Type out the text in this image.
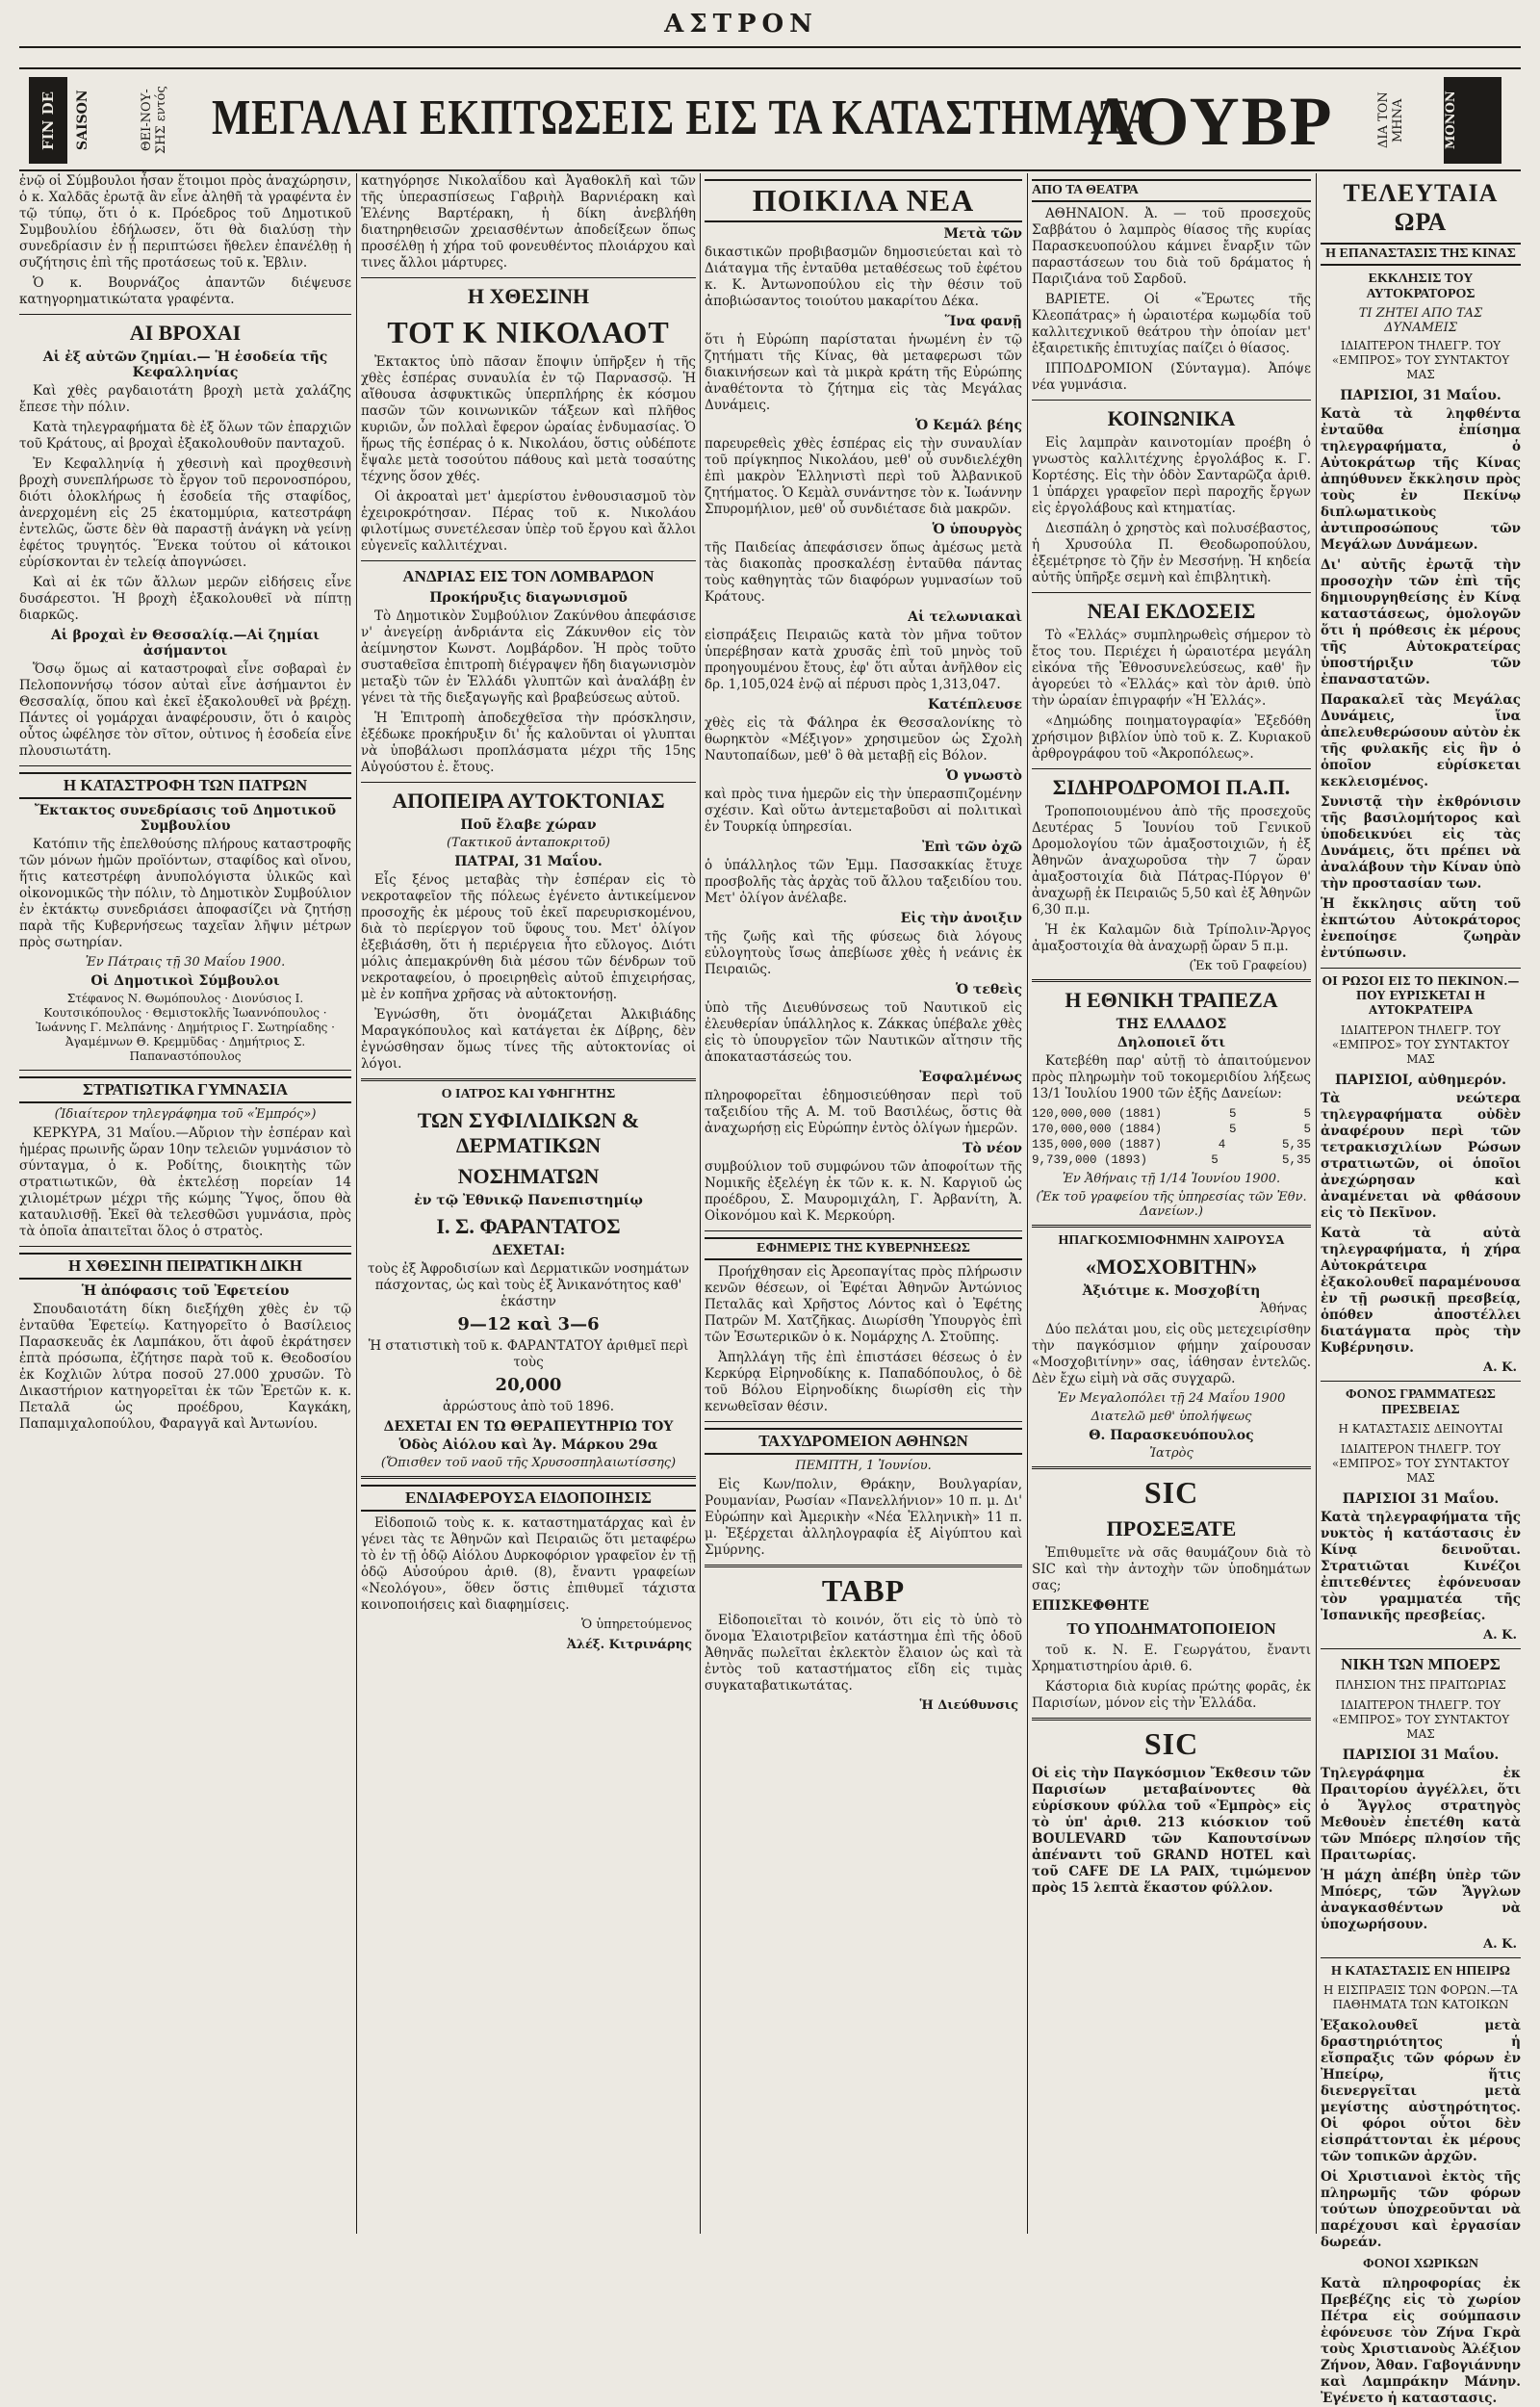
ΑΣΤΡΟΝ
FIN DE	SAISON	ΘΕΙ-ΝΟΥ-ΣΗΣ εντός ΜΕΓΑΛΑΙ ΕΚΠΤΩΣΕΙΣ ΕΙΣ ΤΑ ΚΑΤΑΣΤΗΜΑΤΑ
ΛΟΥΒΡ	ΔΙΑ ΤΟΝ ΜΗΝΑ	ΜΟΝΟΝ

ἐνῷ οἱ Σύμβουλοι ἦσαν ἕτοιμοι πρὸς ἀναχώρησιν, ὁ κ. Χαλδᾶς ἐρωτᾷ ἂν εἶνε ἀληθῆ τὰ γραφέντα ἐν τῷ τύπῳ, ὅτι ὁ κ. Πρόεδρος τοῦ Δημοτικοῦ Συμβουλίου ἐδήλωσεν, ὅτι θὰ διαλύσῃ τὴν συνεδρίασιν ἐν ᾗ περιπτώσει ἤθελεν ἐπανέλθῃ ἡ συζήτησις ἐπὶ τῆς προτάσεως τοῦ κ. Ἐβλιν.

Ὁ κ. Βουρνάζος ἀπαντῶν διέψευσε κατηγορηματικώτατα γραφέντα.

ΑΙ ΒΡΟΧΑΙ
Αἱ ἐξ αὐτῶν ζημίαι.— Ἡ ἑσοδεία τῆς Κεφαλληνίας

Καὶ χθὲς ραγδαιοτάτη βροχὴ μετὰ χαλάζης ἔπεσε τὴν πόλιν.

Κατὰ τηλεγραφήματα δὲ ἐξ ὅλων τῶν ἐπαρχιῶν τοῦ Κράτους, αἱ βροχαὶ ἐξακολουθοῦν πανταχοῦ.

Ἐν Κεφαλληνίᾳ ἡ χθεσινὴ καὶ προχθεσινὴ βροχὴ συνεπλήρωσε τὸ ἔργον τοῦ περονοσπόρου, διότι ὁλοκλήρως ἡ ἑσοδεία τῆς σταφίδος, ἀνερχομένη εἰς 25 ἑκατομμύρια, κατεστράφη ἐντελῶς, ὥστε δὲν θὰ παραστῇ ἀνάγκη νὰ γείνῃ ἐφέτος τρυγητός. Ἕνεκα τούτου οἱ κάτοικοι εὑρίσκονται ἐν τελείᾳ ἀπογνώσει.

Καὶ αἱ ἐκ τῶν ἄλλων μερῶν εἰδήσεις εἶνε δυσάρεστοι. Ἡ βροχὴ ἐξακολουθεῖ νὰ πίπτῃ διαρκῶς.

Αἱ βροχαὶ ἐν Θεσσαλίᾳ.—Αἱ ζημίαι ἀσήμαντοι

Ὅσῳ ὅμως αἱ καταστροφαὶ εἶνε σοβαραὶ ἐν Πελοποννήσῳ τόσον αὐταὶ εἶνε ἀσήμαντοι ἐν Θεσσαλίᾳ, ὅπου καὶ ἐκεῖ ἐξακολουθεῖ νὰ βρέχῃ. Πάντες οἱ γομάρχαι ἀναφέρουσιν, ὅτι ὁ καιρὸς οὗτος ὠφέλησε τὸν σῖτον, οὐτινος ἡ ἑσοδεία εἶνε πλουσιωτάτη.

Η ΚΑΤΑΣΤΡΟΦΗ ΤΩΝ ΠΑΤΡΩΝ
Ἔκτακτος συνεδρίασις τοῦ Δημοτικοῦ Συμβουλίου

Κατόπιν τῆς ἐπελθούσης πλήρους καταστροφῆς τῶν μόνων ἡμῶν προϊόντων, σταφίδος καὶ οἴνου, ἥτις κατεστρέφη ἀνυπολόγιστα ὑλικῶς καὶ οἰκονομικῶς τὴν πόλιν, τὸ Δημοτικὸν Συμβούλιον ἐν ἐκτάκτῳ συνεδριάσει ἀποφασίζει νὰ ζητήσῃ παρὰ τῆς Κυβερνήσεως ταχεῖαν λῆψιν μέτρων πρὸς σωτηρίαν.

Ἐν Πάτραις τῇ 30 Μαΐου 1900.
Οἱ Δημοτικοὶ Σύμβουλοι
Στέφανος Ν. Θωμόπουλος · Διονύσιος Ι. Κουτσικόπουλος · Θεμιστοκλῆς Ἰωαννόπουλος · Ἰωάννης Γ. Μελπάνης · Δημήτριος Γ. Σωτηρίαδης · Ἀγαμέμνων Θ. Κρεμμῦδας · Δημήτριος Σ. Παπαναστόπουλος
ΣΤΡΑΤΙΩΤΙΚΑ ΓΥΜΝΑΣΙΑ
(Ἰδιαίτερον τηλεγράφημα τοῦ «Ἐμπρός»)

ΚΕΡΚΥΡΑ, 31 Μαΐου.—Αὔριον τὴν ἑσπέραν καὶ ἡμέρας πρωινῆς ὥραν 10ην τελειῶν γυμνάσιον τὸ σύνταγμα, ὁ κ. Ροδίτης, διοικητὴς τῶν στρατιωτικῶν, θὰ ἐκτελέσῃ πορείαν 14 χιλιομέτρων μέχρι τῆς κώμης Ὕψος, ὅπου θὰ καταυλισθῇ. Ἐκεῖ θὰ τελεσθῶσι γυμνάσια, πρὸς τὰ ὁποῖα ἀπαιτεῖται ὅλος ὁ στρατὸς.

Η ΧΘΕΣΙΝΗ ΠΕΙΡΑΤΙΚΗ ΔΙΚΗ
Ἡ ἀπόφασις τοῦ Ἐφετείου

Σπουδαιοτάτη δίκη διεξήχθη χθὲς ἐν τῷ ἐνταῦθα Ἐφετείῳ. Κατηγορεῖτο ὁ Βασίλειος Παρασκευᾶς ἐκ Λαμπάκου, ὅτι ἀφοῦ ἐκράτησεν ἑπτὰ πρόσωπα, ἐζήτησε παρὰ τοῦ κ. Θεοδοσίου ἐκ Κοχλιῶν λύτρα ποσοῦ 27.000 χρυσῶν. Τὸ Δικαστήριον κατηγορεῖται ἐκ τῶν Ἐρετῶν κ. κ. Πεταλᾶ ὡς προέδρου, Καγκάκη, Παπαμιχαλοπούλου, Φαραγγᾶ καὶ Ἀντωνίου.

κατηγόρησε Νικολαΐδου καὶ Ἀγαθοκλῆ καὶ τῶν τῆς ὑπερασπίσεως Γαβριὴλ Βαρνιέρακη καὶ Ἑλένης Βαρτέρακη, ἡ δίκη ἀνεβλήθη διατηρηθεισῶν χρειασθέντων ἀποδείξεων ὅπως προσέλθῃ ἡ χήρα τοῦ φονευθέντος πλοιάρχου καὶ τινες ἄλλοι μάρτυρες.

Η ΧΘΕΣΙΝΗ
ΤΟΤ Κ ΝΙΚΟΛΑΟΤ

Ἐκτακτος ὑπὸ πᾶσαν ἔποψιν ὑπῆρξεν ἡ τῆς χθὲς ἑσπέρας συναυλία ἐν τῷ Παρνασσῷ. Ἡ αἴθουσα ἀσφυκτικῶς ὑπερπλήρης ἐκ κόσμου πασῶν τῶν κοινωνικῶν τάξεων καὶ πλῆθος κυριῶν, ὧν πολλαὶ ἔφερον ὡραίας ἐνδυμασίας. Ὁ ἥρως τῆς ἑσπέρας ὁ κ. Νικολάου, ὅστις οὐδέποτε ἔψαλε μετὰ τοσούτου πάθους καὶ μετὰ τοσαύτης τέχνης ὅσον χθές.

Οἱ ἀκροαταὶ μετ' ἀμερίστου ἐνθουσιασμοῦ τὸν ἐχειροκρότησαν. Πέρας τοῦ κ. Νικολάου φιλοτίμως συνετέλεσαν ὑπὲρ τοῦ ἔργου καὶ ἄλλοι εὐγενεῖς καλλιτέχναι.

ΑΝΔΡΙΑΣ ΕΙΣ ΤΟΝ ΛΟΜΒΑΡΔΟΝ
Προκήρυξις διαγωνισμοῦ

Τὸ Δημοτικὸν Συμβούλιον Ζακύνθου ἀπεφάσισε ν' ἀνεγείρῃ ἀνδριάντα εἰς Ζάκυνθον εἰς τὸν ἀείμνηστον Κωνστ. Λομβάρδον. Ἡ πρὸς τοῦτο συσταθεῖσα ἐπιτροπὴ διέγραψεν ἤδη διαγωνισμὸν μεταξὺ τῶν ἐν Ἑλλάδι γλυπτῶν καὶ ἀναλάβῃ ἐν γένει τὰ τῆς διεξαγωγῆς καὶ βραβεύσεως αὐτοῦ.

Ἡ Ἐπιτροπὴ ἀποδεχθεῖσα τὴν πρόσκλησιν, ἐξέδωκε προκήρυξιν δι' ἧς καλοῦνται οἱ γλυπται νὰ ὑποβάλωσι προπλάσματα μέχρι τῆς 15ης Αὐγούστου ἐ. ἔτους.

ΑΠΟΠΕΙΡΑ ΑΥΤΟΚΤΟΝΙΑΣ
Ποῦ ἔλαβε χώραν
(Τακτικοῦ ἀνταποκριτοῦ)
ΠΑΤΡΑΙ, 31 Μαΐου.

Εἷς ξένος μεταβὰς τὴν ἑσπέραν εἰς τὸ νεκροταφεῖον τῆς πόλεως ἐγένετο ἀντικείμενον προσοχῆς ἐκ μέρους τοῦ ἐκεῖ παρευρισκομένου, διὰ τὸ περίεργον τοῦ ὕφους του. Μετ' ὀλίγον ἐξεβιάσθη, ὅτι ἡ περιέργεια ἦτο εὔλογος. Διότι μόλις ἀπεμακρύνθη διὰ μέσου τῶν δένδρων τοῦ νεκροταφείου, ὁ προειρηθεὶς αὐτοῦ ἐπιχειρήσας, μὲ ἐν κοπῆνα χρῆσας νὰ αὐτοκτονήσῃ.

Ἐγνώσθη, ὅτι ὀνομάζεται Ἀλκιβιάδης Μαραγκόπουλος καὶ κατάγεται ἐκ Δίβρης, δὲν ἐγνώσθησαν ὅμως τίνες τῆς αὐτοκτονίας οἱ λόγοι.

Ο ΙΑΤΡΟΣ ΚΑΙ ΥΦΗΓΗΤΗΣ
ΤΩΝ ΣΥΦΙΛΙΔΙΚΩΝ & ΔΕΡΜΑΤΙΚΩΝ
ΝΟΣΗΜΑΤΩΝ
ἐν τῷ Ἐθνικῷ Πανεπιστημίῳ
Ι. Σ. ΦΑΡΑΝΤΑΤΟΣ
ΔΕΧΕΤΑΙ:

τοὺς ἐξ Ἀφροδισίων καὶ Δερματικῶν νοσημάτων πάσχοντας, ὡς καὶ τοὺς ἐξ Ἀνικανότητος καθ' ἑκάστην

9—12 καὶ 3—6

Ἡ στατιστικὴ τοῦ κ. ΦΑΡΑΝΤΑΤΟΥ ἀριθμεῖ περὶ τοὺς

20,000

ἀρρώστους ἀπὸ τοῦ 1896.

ΔΕΧΕΤΑΙ ΕΝ ΤΩ ΘΕΡΑΠΕΥΤΗΡΙΩ ΤΟΥ
Ὁδὸς Αἰόλου καὶ Ἁγ. Μάρκου 29α
(Ὄπισθεν τοῦ ναοῦ τῆς Χρυσοσπηλαιωτίσσης)
ΕΝΔΙΑΦΕΡΟΥΣΑ ΕΙΔΟΠΟΙΗΣΙΣ

Εἰδοποιῶ τοὺς κ. κ. καταστηματάρχας καὶ ἐν γένει τὰς τε Ἀθηνῶν καὶ Πειραιῶς ὅτι μεταφέρω τὸ ἐν τῇ ὁδῷ Αἰόλου Δυρκοφόριον γραφεῖον ἐν τῇ ὁδῷ Αὐσούρου ἀριθ. (8), ἔναντι γραφείων «Νεολόγου», ὅθεν ὅστις ἐπιθυμεῖ τάχιστα κοινοποιήσεις καὶ διαφημίσεις.

Ὁ ὑπηρετούμενος
Ἀλέξ. Κιτρινάρης
ΠΟΙΚΙΛΑ ΝΕΑ
Μετὰ τῶν

δικαστικῶν προβιβασμῶν δημοσιεύεται καὶ τὸ Διάταγμα τῆς ἐνταῦθα μεταθέσεως τοῦ ἐφέτου κ. Κ. Ἀντωνοπούλου εἰς τὴν θέσιν τοῦ ἀποβιώσαντος τοιούτου μακαρίτου Δέκα.

Ἵνα φανῇ

ὅτι ἡ Εὐρώπη παρίσταται ἡνωμένη ἐν τῷ ζητήματι τῆς Κίνας, θὰ μεταφερωσι τῶν διακινήσεων καὶ τὰ μικρὰ κράτη τῆς Εὐρώπης ἀναθέτοντα τὸ ζήτημα εἰς τὰς Μεγάλας Δυνάμεις.

Ὁ Κεμάλ βέης

παρευρεθεὶς χθὲς ἑσπέρας εἰς τὴν συναυλίαν τοῦ πρίγκηπος Νικολάου, μεθ' οὗ συνδιελέχθη ἐπὶ μακρὸν Ἑλληνιστὶ περὶ τοῦ Ἀλβανικοῦ ζητήματος. Ὁ Κεμὰλ συνάντησε τὸν κ. Ἰωάννην Σπυρομήλιον, μεθ' οὗ συνδιέτασε διὰ μακρῶν.

Ὁ ὑπουργὸς

τῆς Παιδείας ἀπεφάσισεν ὅπως ἀμέσως μετὰ τὰς διακοπὰς προσκαλέσῃ ἐνταῦθα πάντας τοὺς καθηγητὰς τῶν διαφόρων γυμνασίων τοῦ Κράτους.

Αἱ τελωνιακαὶ

εἰσπράξεις Πειραιῶς κατὰ τὸν μῆνα τοῦτον ὑπερέβησαν κατὰ χρυσᾶς ἐπὶ τοῦ μηνὸς τοῦ προηγουμένου ἔτους, ἐφ' ὅτι αὗται ἀνῆλθον εἰς δρ. 1,105,024 ἐνῷ αἱ πέρυσι πρὸς 1,313,047.

Κατέπλευσε

χθὲς εἰς τὰ Φάληρα ἐκ Θεσσαλονίκης τὸ θωρηκτὸν «Μέξιγον» χρησιμεῦον ὡς Σχολὴ Ναυτοπαίδων, μεθ' ὃ θὰ μεταβῇ εἰς Βόλον.

Ὁ γνωστὸ

καὶ πρὸς τινα ἡμερῶν εἰς τὴν ὑπερασπιζομένην σχέσιν. Καὶ οὕτω ἀντεμεταβοῦσι αἱ πολιτικαὶ ἐν Τουρκίᾳ ὑπηρεσίαι.

Ἐπὶ τῶν ὀχῶ

ὁ ὑπάλληλος τῶν Ἐμμ. Πασσακκίας ἔτυχε προσβολῆς τὰς ἀρχὰς τοῦ ἄλλου ταξειδίου του. Μετ' ὀλίγον ἀνέλαβε.

Εἰς τὴν ἀνοιξιν

τῆς ζωῆς καὶ τῆς φύσεως διὰ λόγους εὐλογητοὺς ἴσως ἀπεβίωσε χθὲς ἡ νεάνις ἐκ Πειραιῶς.

Ὁ τεθεὶς

ὑπὸ τῆς Διευθύνσεως τοῦ Ναυτικοῦ εἰς ἐλευθερίαν ὑπάλληλος κ. Ζάκκας ὑπέβαλε χθὲς εἰς τὸ ὑπουργεῖον τῶν Ναυτικῶν αἴτησιν τῆς ἀποκαταστάσεώς του.

Ἐσφαλμένως

πληροφορεῖται ἐδημοσιεύθησαν περὶ τοῦ ταξειδίου τῆς Α. Μ. τοῦ Βασιλέως, ὅστις θὰ ἀναχωρήσῃ εἰς Εὐρώπην ἐντὸς ὀλίγων ἡμερῶν.

Τὸ νέον

συμβούλιον τοῦ συμφώνου τῶν ἀποφοίτων τῆς Νομικῆς ἐξελέγη ἐκ τῶν κ. κ. Ν. Καργιοῦ ὡς προέδρου, Σ. Μαυρομιχάλη, Γ. Ἀρβανίτη, Ἀ. Οἰκονόμου καὶ Κ. Μερκούρη.

ΕΦΗΜΕΡΙΣ ΤΗΣ ΚΥΒΕΡΝΗΣΕΩΣ

Προήχθησαν εἰς Ἀρεοπαγίτας πρὸς πλήρωσιν κενῶν θέσεων, οἱ Ἐφέται Ἀθηνῶν Ἀντώνιος Πεταλᾶς καὶ Χρῆστος Λόντος καὶ ὁ Ἐφέτης Πατρῶν Μ. Χατζῆκας. Διωρίσθη Ὑπουργὸς ἐπὶ τῶν Ἐσωτερικῶν ὁ κ. Νομάρχης Λ. Στοῦπης.

Ἀπηλλάγη τῆς ἐπὶ ἐπιστάσει θέσεως ὁ ἐν Κερκύρᾳ Εἰρηνοδίκης κ. Παπαδόπουλος, ὁ δὲ τοῦ Βόλου Εἰρηνοδίκης διωρίσθη εἰς τὴν κενωθεῖσαν θέσιν.

ΤΑΧΥΔΡΟΜΕΙΟΝ ΑΘΗΝΩΝ
ΠΕΜΠΤΗ, 1 Ἰουνίου.

Εἰς Κων/πολιν, Θράκην, Βουλγαρίαν, Ρουμανίαν, Ρωσίαν «Πανελλήνιον» 10 π. μ. Δι' Εὐρώπην καὶ Ἀμερικὴν «Νέα Ἑλληνικὴ» 11 π. μ. Ἐξέρχεται ἀλληλογραφία ἐξ Αἰγύπτου καὶ Σμύρνης.

ΤΑΒΡ

Εἰδοποιεῖται τὸ κοινόν, ὅτι εἰς τὸ ὑπὸ τὸ ὄνομα Ἐλαιοτριβεῖον κατάστημα ἐπὶ τῆς ὁδοῦ Ἀθηνᾶς πωλεῖται ἐκλεκτὸν ἔλαιον ὡς καὶ τὰ ἐντὸς τοῦ καταστήματος εἴδη εἰς τιμὰς συγκαταβατικωτάτας.

Ἡ Διεύθυνσις
ΑΠΟ ΤΑ ΘΕΑΤΡΑ

ΑΘΗΝΑΙΟΝ. Ἀ. — τοῦ προσεχοῦς Σαββάτου ὁ λαμπρὸς θίασος τῆς κυρίας Παρασκευοπούλου κάμνει ἔναρξιν τῶν παραστάσεων του διὰ τοῦ δράματος ἡ Παριζιάνα τοῦ Σαρδοῦ.

ΒΑΡΙΕΤΕ. Οἱ «Ἔρωτες τῆς Κλεοπάτρας» ἡ ὡραιοτέρα κωμῳδία τοῦ καλλιτεχνικοῦ θεάτρου τὴν ὁποίαν μετ' ἐξαιρετικῆς ἐπιτυχίας παίζει ὁ θίασος.

ΙΠΠΟΔΡΟΜΙΟΝ (Σύνταγμα). Ἀπόψε νέα γυμνάσια.

ΚΟΙΝΩΝΙΚΑ

Εἰς λαμπρὰν καινοτομίαν προέβη ὁ γνωστὸς καλλιτέχνης ἐργολάβος κ. Γ. Κορτέσης. Εἰς τὴν ὁδὸν Σανταρῶζα ἀριθ. 1 ὑπάρχει γραφεῖον περὶ παροχῆς ἔργων εἰς ἐργολάβους καὶ κτηματίας.

Διεσπάλη ὁ χρηστὸς καὶ πολυσέβαστος, ἡ Χρυσούλα Π. Θεοδωροπούλου, ἐξεμέτρησε τὸ ζῆν ἐν Μεσσήνῃ. Ἡ κηδεία αὐτῆς ὑπῆρξε σεμνὴ καὶ ἐπιβλητικὴ.

ΝΕΑΙ ΕΚΔΟΣΕΙΣ

Τὸ «Ἐλλάς» συμπληρωθεὶς σήμερον τὸ ἔτος του. Περιέχει ἡ ὡραιοτέρα μεγάλη εἰκόνα τῆς Ἐθνοσυνελεύσεως, καθ' ἣν ἀγορεύει τὸ «Ἐλλάς» καὶ τὸν ἀριθ. ὑπὸ τὴν ὡραίαν ἐπιγραφήν «Ἡ Ἑλλάς».

«Δημώδης ποιηματογραφία» Ἐξεδόθη χρήσιμον βιβλίον ὑπὸ τοῦ κ. Ζ. Κυριακοῦ ἀρθρογράφου τοῦ «Ἀκροπόλεως».

ΣΙΔΗΡΟΔΡΟΜΟΙ Π.Α.Π.

Τροποποιουμένου ἀπὸ τῆς προσεχοῦς Δευτέρας 5 Ἰουνίου τοῦ Γενικοῦ Δρομολογίου τῶν ἀμαξοστοιχιῶν, ἡ ἐξ Ἀθηνῶν ἀναχωροῦσα τὴν 7 ὥραν ἀμαξοστοιχία διὰ Πάτρας-Πύργον θ' ἀναχωρῇ ἐκ Πειραιῶς 5,50 καὶ ἐξ Ἀθηνῶν 6,30 π.μ.

Ἡ ἐκ Καλαμῶν διὰ Τρίπολιν-Ἄργος ἀμαξοστοιχία θὰ ἀναχωρῇ ὥραν 5 π.μ.

(Ἐκ τοῦ Γραφείου)
Η ΕΘΝΙΚΗ ΤΡΑΠΕΖΑ
ΤΗΣ ΕΛΛΑΔΟΣ
Δηλοποιεῖ ὅτι

Κατεβέθη παρ' αὐτῇ τὸ ἀπαιτούμενον πρὸς πληρωμὴν τοῦ τοκομεριδίου λήξεως 13/1 Ἰουλίου 1900 τῶν ἐξῆς Δανείων:

120,000,000 (1881)	5	5
170,000,000 (1884)	5	5
135,000,000 (1887)	4	5,35
9,739,000 (1893)	5	5,35
Ἐν Ἀθήναις τῇ 1/14 Ἰουνίου 1900.
(Ἐκ τοῦ γραφείου τῆς ὑπηρεσίας τῶν Ἐθν. Δανείων.)
ΗΠΑΓΚΟΣΜΙΟΦΗΜΗΝ ΧΑΙΡΟΥΣΑ
«ΜΟΣΧΟΒΙΤΗΝ»
Ἀξιότιμε κ. Μοσχοβίτη
Ἀθήνας

Δύο πελάται μου, εἰς οὓς μετεχειρίσθην τὴν παγκόσμιον φήμην χαίρουσαν «Μοσχοβιτίνην» σας, ἰάθησαν ἐντελῶς. Δὲν ἔχω εἰμὴ νὰ σᾶς συγχαρῶ.

Ἐν Μεγαλοπόλει τῇ 24 Μαΐου 1900
Διατελῶ μεθ' ὑπολήψεως
Θ. Παρασκευόπουλος
Ἰατρὸς
SIC
ΠΡΟΣΕΞΑΤΕ

Ἐπιθυμεῖτε νὰ σᾶς θαυμάζουν διὰ τὸ SIC καὶ τὴν ἀντοχὴν τῶν ὑποδημάτων σας;

ΕΠΙΣΚΕΦΘΗΤΕ
ΤΟ ΥΠΟΔΗΜΑΤΟΠΟΙΕΙΟΝ

τοῦ κ. Ν. Ε. Γεωργάτου, ἔναντι Χρηματιστηρίου ἀριθ. 6.

Κάστορια διὰ κυρίας πρώτης φορᾶς, ἐκ Παρισίων, μόνον εἰς τὴν Ἑλλάδα.

SIC

Οἱ εἰς τὴν Παγκόσμιον Ἔκθεσιν τῶν Παρισίων μεταβαίνοντες θὰ εὑρίσκουν φύλλα τοῦ «Ἐμπρὸς» εἰς τὸ ὑπ' ἀριθ. 213 κιόσκιον τοῦ BOULEVARD τῶν Καπουτσίνων ἀπέναντι τοῦ GRAND HOTEL καὶ τοῦ CAFE DE LA PAIX, τιμώμενον πρὸς 15 λεπτὰ ἕκαστον φύλλον.

ΤΕΛΕΥΤΑΙΑ ΩΡΑ
Η ΕΠΑΝΑΣΤΑΣΙΣ ΤΗΣ ΚΙΝΑΣ
ΕΚΚΛΗΣΙΣ ΤΟΥ ΑΥΤΟΚΡΑΤΟΡΟΣ
ΤΙ ΖΗΤΕΙ ΑΠΟ ΤΑΣ ΔΥΝΑΜΕΙΣ
ΙΔΙΑΙΤΕΡΟΝ ΤΗΛΕΓΡ. ΤΟΥ «ΕΜΠΡΟΣ» ΤΟΥ ΣΥΝΤΑΚΤΟΥ ΜΑΣ
ΠΑΡΙΣΙΟΙ, 31 Μαΐου.

Κατὰ τὰ ληφθέντα ἐνταῦθα ἐπίσημα τηλεγραφήματα, ὁ Αὐτοκράτωρ τῆς Κίνας ἀπηύθυνεν ἔκκλησιν πρὸς τοὺς ἐν Πεκίνῳ διπλωματικοὺς ἀντιπροσώπους τῶν Μεγάλων Δυνάμεων.

Δι' αὐτῆς ἐρωτᾷ τὴν προσοχὴν τῶν ἐπὶ τῆς δημιουργηθείσης ἐν Κίνᾳ καταστάσεως, ὁμολογῶν ὅτι ἡ πρόθεσις ἐκ μέρους τῆς Αὐτοκρατείρας ὑποστήριξιν τῶν ἐπαναστατῶν.

Παρακαλεῖ τὰς Μεγάλας Δυνάμεις, ἵνα ἀπελευθερώσουν αὐτὸν ἐκ τῆς φυλακῆς εἰς ἣν ὁ ὁποῖον εὑρίσκεται κεκλεισμένος.

Συνιστᾷ τὴν ἐκθρόνισιν τῆς βασιλομήτορος καὶ ὑποδεικνύει εἰς τὰς Δυνάμεις, ὅτι πρέπει νὰ ἀναλάβουν τὴν Κίναν ὑπὸ τὴν προστασίαν των.

Ἡ ἔκκλησις αὕτη τοῦ ἐκπτώτου Αὐτοκράτορος ἐνεποίησε ζωηρὰν ἐντύπωσιν.

ΟΙ ΡΩΣΟΙ ΕΙΣ ΤΟ ΠΕΚΙΝΟΝ.—ΠΟΥ ΕΥΡΙΣΚΕΤΑΙ Η ΑΥΤΟΚΡΑΤΕΙΡΑ
ΙΔΙΑΙΤΕΡΟΝ ΤΗΛΕΓΡ. ΤΟΥ «ΕΜΠΡΟΣ» ΤΟΥ ΣΥΝΤΑΚΤΟΥ ΜΑΣ
ΠΑΡΙΣΙΟΙ, αὐθημερόν.

Τὰ νεώτερα τηλεγραφήματα οὐδὲν ἀναφέρουν περὶ τῶν τετρακισχιλίων Ρώσων στρατιωτῶν, οἱ ὁποῖοι ἀνεχώρησαν καὶ ἀναμένεται νὰ φθάσουν εἰς τὸ Πεκῖνον.

Κατὰ τὰ αὐτὰ τηλεγραφήματα, ἡ χήρα Αὐτοκράτειρα ἐξακολουθεῖ παραμένουσα ἐν τῇ ρωσικῇ πρεσβείᾳ, ὁπόθεν ἀποστέλλει διατάγματα πρὸς τὴν Κυβέρνησιν.

Α. Κ.
ΦΟΝΟΣ ΓΡΑΜΜΑΤΕΩΣ ΠΡΕΣΒΕΙΑΣ
Η ΚΑΤΑΣΤΑΣΙΣ ΔΕΙΝΟΥΤΑΙ
ΙΔΙΑΙΤΕΡΟΝ ΤΗΛΕΓΡ. ΤΟΥ «ΕΜΠΡΟΣ» ΤΟΥ ΣΥΝΤΑΚΤΟΥ ΜΑΣ
ΠΑΡΙΣΙΟΙ 31 Μαΐου.

Κατὰ τηλεγραφήματα τῆς νυκτὸς ἡ κατάστασις ἐν Κίνᾳ δεινοῦται. Στρατιῶται Κινέζοι ἐπιτεθέντες ἐφόνευσαν τὸν γραμματέα τῆς Ἰσπανικῆς πρεσβείας.

Α. Κ.
ΝΙΚΗ ΤΩΝ ΜΠΟΕΡΣ
ΠΛΗΣΙΟΝ ΤΗΣ ΠΡΑΙΤΩΡΙΑΣ
ΙΔΙΑΙΤΕΡΟΝ ΤΗΛΕΓΡ. ΤΟΥ «ΕΜΠΡΟΣ» ΤΟΥ ΣΥΝΤΑΚΤΟΥ ΜΑΣ
ΠΑΡΙΣΙΟΙ 31 Μαΐου.

Τηλεγράφημα ἐκ Πραιτορίου ἀγγέλλει, ὅτι ὁ Ἄγγλος στρατηγὸς Μεθουὲν ἐπετέθη κατὰ τῶν Μπόερς πλησίον τῆς Πραιτωρίας.

Ἡ μάχη ἀπέβη ὑπὲρ τῶν Μπόερς, τῶν Ἄγγλων ἀναγκασθέντων νὰ ὑποχωρήσουν.

Α. Κ.
Η ΚΑΤΑΣΤΑΣΙΣ ΕΝ ΗΠΕΙΡΩ
Η ΕΙΣΠΡΑΞΙΣ ΤΩΝ ΦΟΡΩΝ.—ΤΑ ΠΑΘΗΜΑΤΑ ΤΩΝ ΚΑΤΟΙΚΩΝ

Ἐξακολουθεῖ μετὰ δραστηριότητος ἡ εἴσπραξις τῶν φόρων ἐν Ἠπείρῳ, ἥτις διενεργεῖται μετὰ μεγίστης αὐστηρότητος. Οἱ φόροι οὗτοι δὲν εἰσπράττονται ἐκ μέρους τῶν τοπικῶν ἀρχῶν.

Οἱ Χριστιανοὶ ἐκτὸς τῆς πληρωμῆς τῶν φόρων τούτων ὑποχρεοῦνται νὰ παρέχουσι καὶ ἐργασίαν δωρεάν.

ΦΟΝΟΙ ΧΩΡΙΚΩΝ

Κατὰ πληροφορίας ἐκ Πρεβέζης εἰς τὸ χωρίον Πέτρα εἰς σούμπασιν ἐφόνευσε τὸν Ζήνα Γκρὰ τοὺς Χριστιανοὺς Ἀλέξιον Ζήνον, Ἀθαν. Γαβογιάννην καὶ Λαμπράκην Μάνην. Ἐγένετο ἡ καταστασις.
